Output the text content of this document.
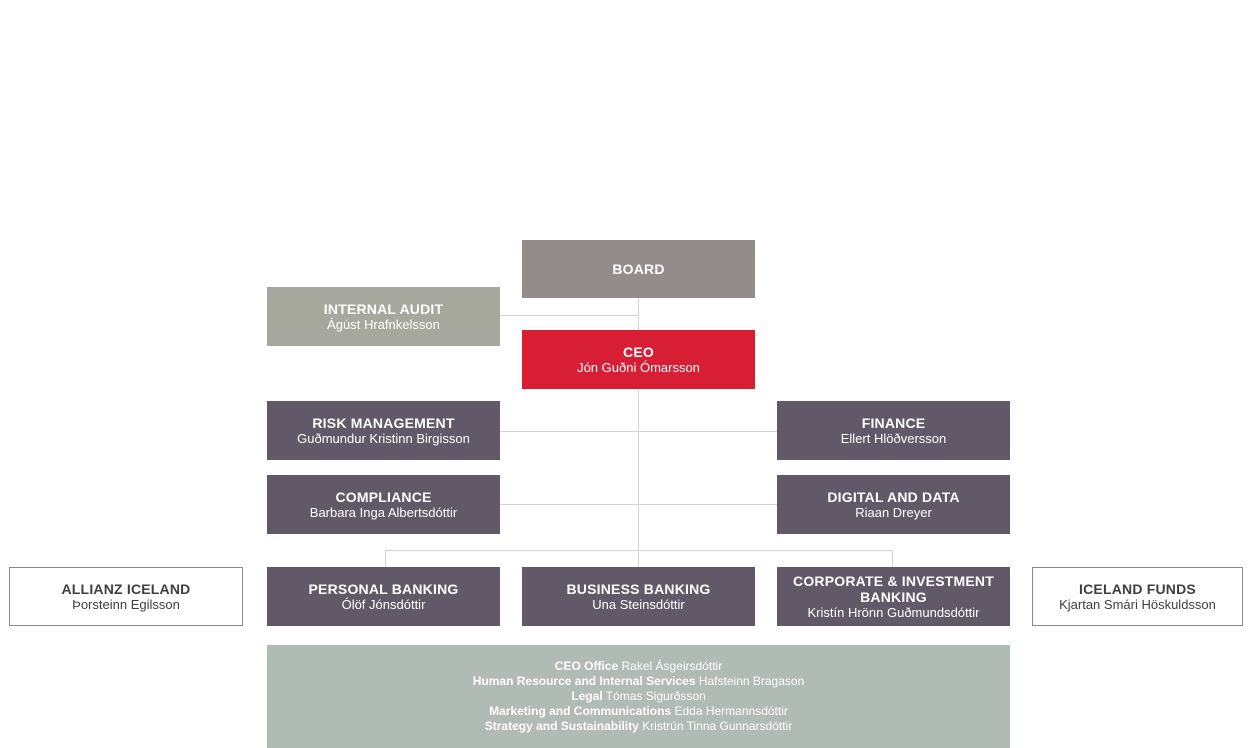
BOARD
INTERNAL AUDIT
Ágúst Hrafnkelsson
CEO
Jón Guðni Ómarsson
RISK MANAGEMENT
Guðmundur Kristinn Birgisson
FINANCE
Ellert Hlöðversson
COMPLIANCE
Barbara Inga Albertsdóttir
DIGITAL AND DATA
Riaan Dreyer
ALLIANZ ICELAND
Þorsteinn Egilsson
PERSONAL BANKING
Ólöf Jónsdóttir
BUSINESS BANKING
Una Steinsdóttir
CORPORATE & INVESTMENT BANKING
Kristín Hrönn Guðmundsdóttir
ICELAND FUNDS
Kjartan Smári Höskuldsson
CEO Office Rakel Ásgeirsdóttir
Human Resource and Internal Services Hafsteinn Bragason
Legal Tómas Sigurðsson
Marketing and Communications Edda Hermannsdóttir
Strategy and Sustainability Kristrún Tinna Gunnarsdóttir
